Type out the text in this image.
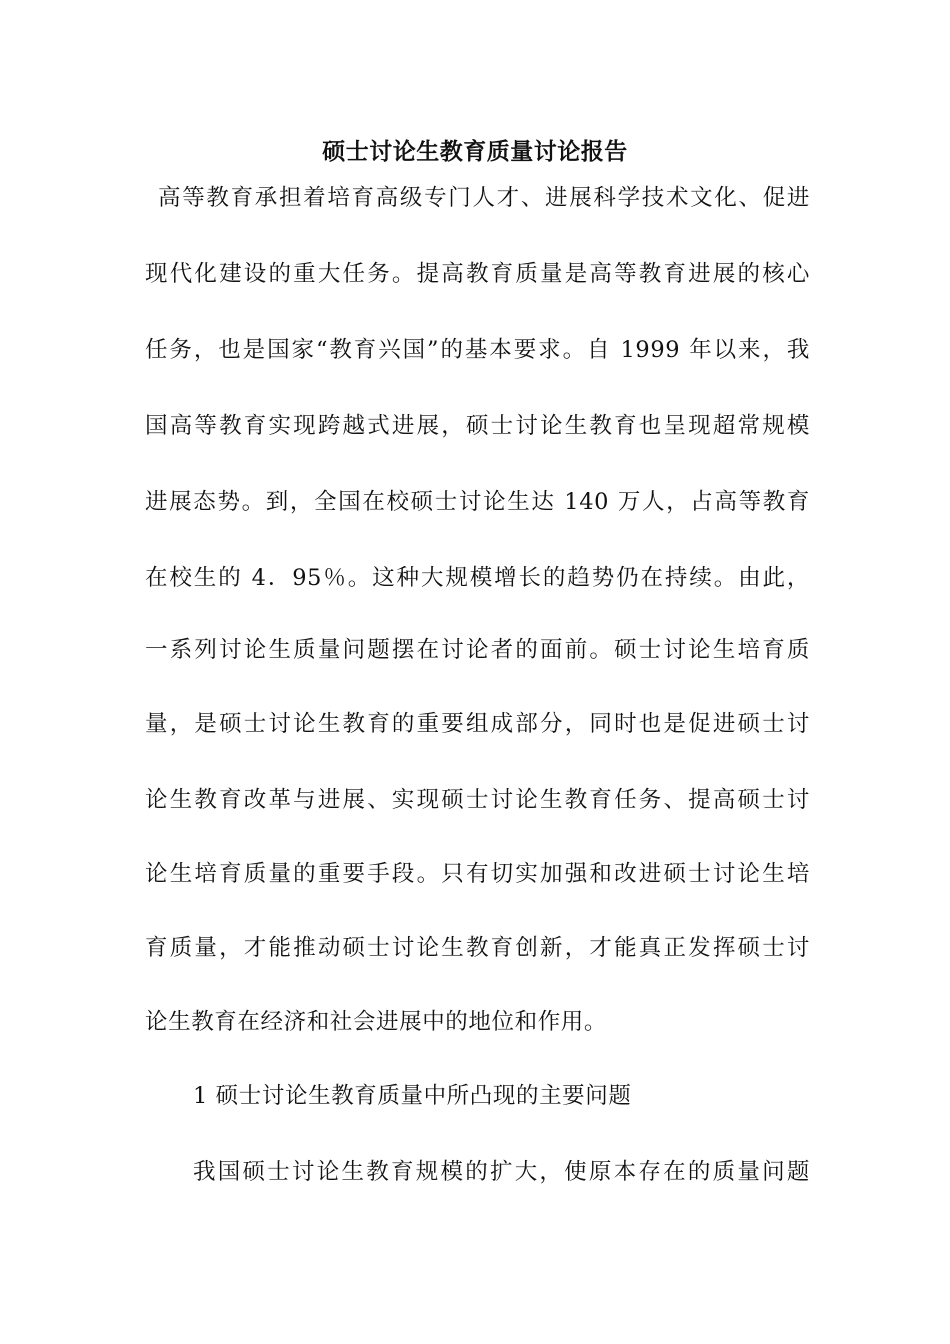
硕士讨论生教育质量讨论报告
高等教育承担着培育高级专门人才、进展科学技术文化、促进
现代化建设的重大任务。提高教育质量是高等教育进展的核心
任务，也是国家“教育兴国”的基本要求。自 1999 年以来，我
国高等教育实现跨越式进展，硕士讨论生教育也呈现超常规模
进展态势。到，全国在校硕士讨论生达 140 万人，占高等教育
在校生的 4．95％。这种大规模增长的趋势仍在持续。由此，
一系列讨论生质量问题摆在讨论者的面前。硕士讨论生培育质
量，是硕士讨论生教育的重要组成部分，同时也是促进硕士讨
论生教育改革与进展、实现硕士讨论生教育任务、提高硕士讨
论生培育质量的重要手段。只有切实加强和改进硕士讨论生培
育质量，才能推动硕士讨论生教育创新，才能真正发挥硕士讨
论生教育在经济和社会进展中的地位和作用。
1 硕士讨论生教育质量中所凸现的主要问题
我国硕士讨论生教育规模的扩大，使原本存在的质量问题
